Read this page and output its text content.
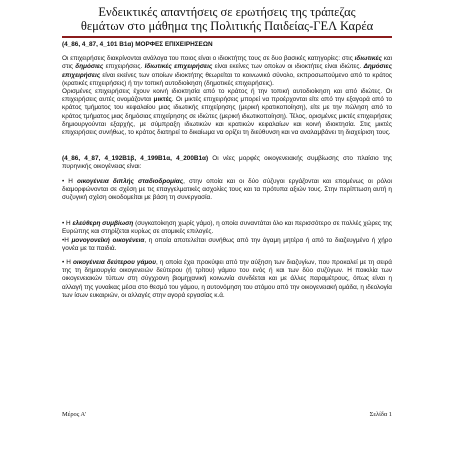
Ενδεικτικές απαντήσεις σε ερωτήσεις της τράπεζας
θεμάτων στο μάθημα της Πολιτικής Παιδείας-ΓΕΛ Καρέα
(4_86, 4_87, 4_101 Β1α) ΜΟΡΦΕΣ ΕΠΙΧΕΙΡΗΣΕΩΝ

Οι επιχειρήσεις διακρίνονται ανάλογα του ποιος είναι ο ιδιοκτήτης τους σε δυο βασικές κατηγορίες: στις ιδιωτικές και στις δημόσιες επιχειρήσεις. Ιδιωτικές επιχειρήσεις είναι εκείνες των οποίων οι ιδιοκτήτες είναι ιδιώτες. Δημόσιες επιχειρήσεις είναι εκείνες των οποίων ιδιοκτήτης θεωρείται το κοινωνικό σύνολο, εκπροσωπούμενο από το κράτος (κρατικές επιχειρήσεις) ή την τοπική αυτοδιοίκηση (δημοτικές επιχειρήσεις).

Ορισμένες επιχειρήσεις έχουν κοινή ιδιοκτησία από το κράτος ή την τοπική αυτοδιοίκηση και από ιδιώτες. Οι επιχειρήσεις αυτές ονομάζονται μικτές. Οι μικτές επιχειρήσεις μπορεί να προέρχονται είτε από την εξαγορά από το κράτος τμήματος του κεφαλαίου μιας ιδιωτικής επιχείρησης (μερική κρατικοποίηση), είτε με την πώληση από το κράτος τμήματος μιας δημόσιας επιχείρησης σε ιδιώτες (μερική ιδιωτικοποίηση). Τέλος, ορισμένες μικτές επιχειρήσεις δημιουργούνται εξαρχής, με σύμπραξη ιδιωτικών και κρατικών κεφαλαίων και κοινή ιδιοκτησία. Στις μικτές επιχειρήσεις συνήθως, το κράτος διατηρεί το δικαίωμα να ορίζει τη διεύθυνση και να αναλαμβάνει τη διαχείριση τους.

(4_86, 4_87, 4_192Β1β, 4_199Β1α, 4_200Β1α) Οι νέες μορφές οικογενειακής συμβίωσης στο πλαίσιο της πυρηνικής οικογένειας είναι:

• Η οικογένεια διπλής σταδιοδρομίας, στην οποία και οι δύο σύζυγοι εργάζονται και επομένως οι ρόλοι διαμορφώνονται σε σχέση με τις επαγγελματικές ασχολίες τους και τα πρότυπα αξιών τους. Στην περίπτωση αυτή η συζυγική σχέση οικοδομείται με βάση τη συνεργασία.

• Η ελεύθερη συμβίωση (συγκατοίκηση χωρίς γάμο), η οποία συναντάται όλο και περισσότερο σε πολλές χώρες της Ευρώπης και στηρίζεται κυρίως σε ατομικές επιλογές.

•Η μονογονεϊκή οικογένεια, η οποία αποτελείται συνήθως από την άγαμη μητέρα ή από το διαζευγμένο ή χήρο γονέα με τα παιδιά.

• Η οικογένεια δεύτερου γάμου, η οποία έχει προκύψει από την αύξηση των διαζυγίων, που προκαλεί με τη σειρά της τη δημιουργία οικογενειών δεύτερου (ή τρίτου) γάμου του ενός ή και των δύο συζύγων. Η ποικιλία των οικογενειακών τύπων στη σύγχρονη βιομηχανική κοινωνία συνδέεται και με άλλες παραμέτρους, όπως είναι η αλλαγή της γυναίκας μέσα στο θεσμό του γάμου, η αυτονόμηση του ατόμου από την οικογενειακή ομάδα, η ιδεολογία των ίσων ευκαιριών, οι αλλαγές στην αγορά εργασίας κ.ά.

Μέρος Α'	Σελίδα 1
